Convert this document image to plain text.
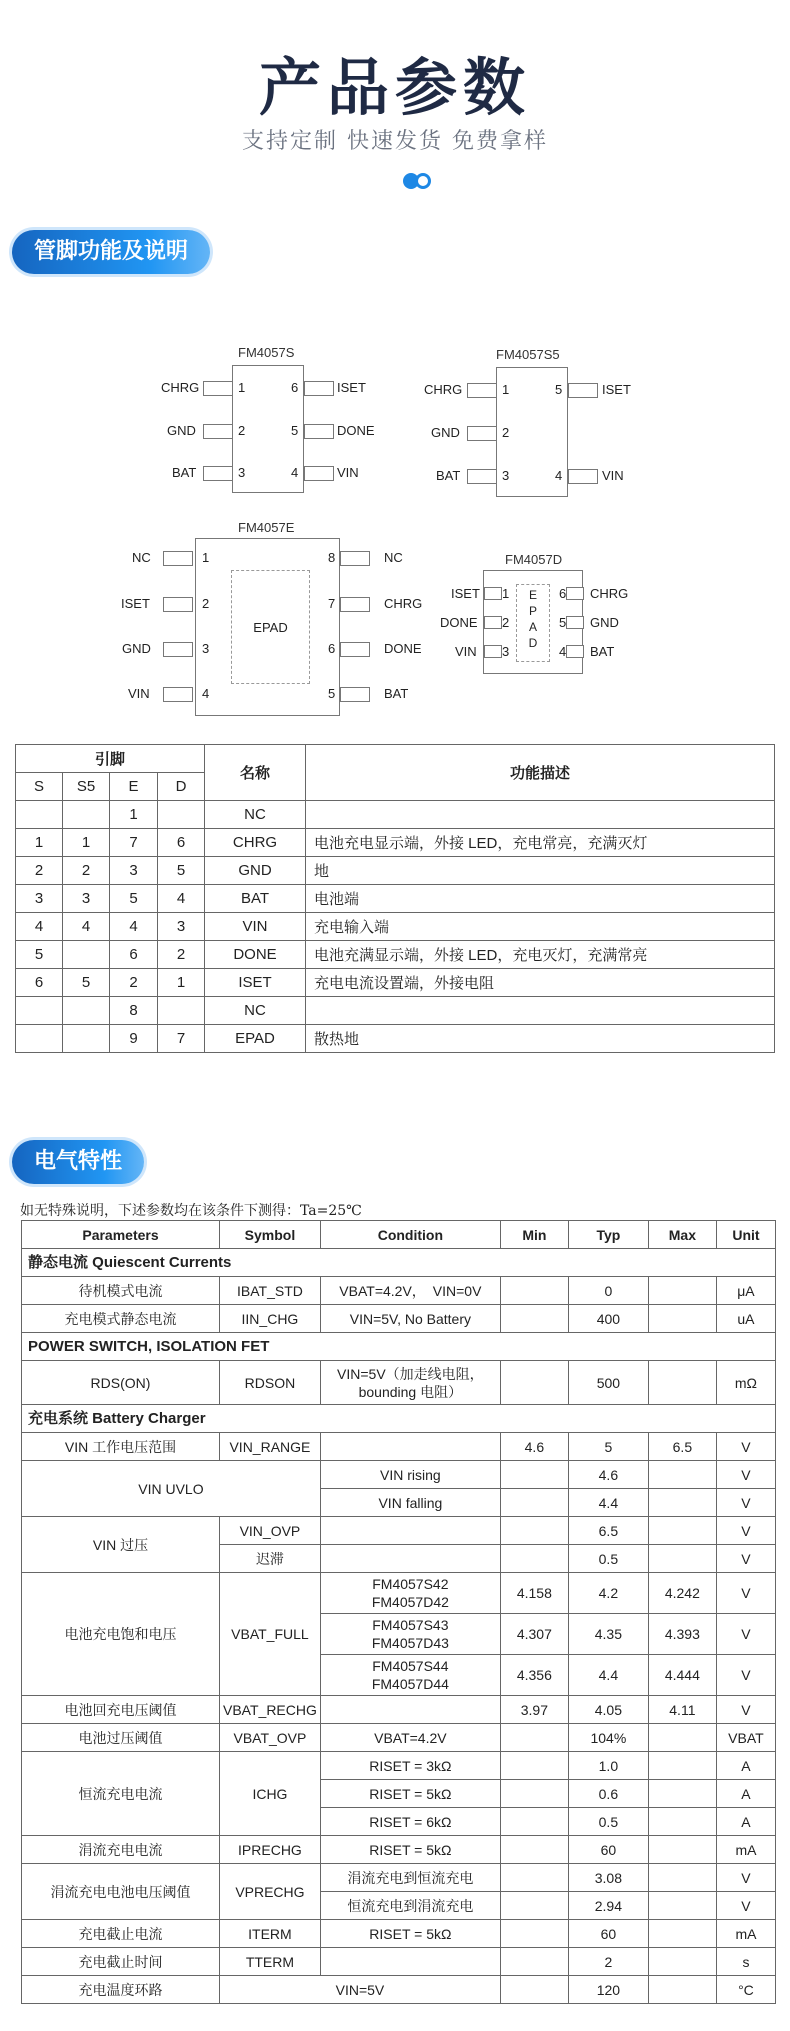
产品参数
支持定制 快速发货 免费拿样
管脚功能及说明
FM4057S
CHRG	1
GND	2
BAT	3
6	ISET
5	DONE
4	VIN
FM4057S5
CHRG	1
GND	2
BAT	3
5	ISET
4	VIN
FM4057E
EPAD
NC	1
ISET	2
GND	3
VIN	4
8	NC
7	CHRG
6	DONE
5	BAT
FM4057D
E P A D
ISET 1
DONE 2
VIN 3
6 CHRG
5 GND
4 BAT
引脚				名称	功能描述
S	S5	E	D		
		1		NC	
1	1	7	6	CHRG	电池充电显示端，外接 LED，充电常亮，充满灭灯
2	2	3	5	GND	地
3	3	5	4	BAT	电池端
4	4	4	3	VIN	充电输入端
5		6	2	DONE	电池充满显示端，外接 LED，充电灭灯，充满常亮
6	5	2	1	ISET	充电电流设置端，外接电阻
		8		NC	
		9	7	EPAD	散热地
电气特性
如无特殊说明，下述参数均在该条件下测得：Ta=25℃
Parameters	Symbol	Condition	Min	Typ	Max	Unit
静态电流 Quiescent Currents						
待机模式电流	IBAT_STD	VBAT=4.2V，　VIN=0V		0		μA
充电模式静态电流	IIN_CHG	VIN=5V, No Battery		400		uA
POWER SWITCH, ISOLATION FET						
RDS(ON)	RDSON	VIN=5V（加走线电阻，
bounding 电阻）		500		mΩ
充电系统 Battery Charger						
VIN 工作电压范围	VIN_RANGE		4.6	5	6.5	V
VIN UVLO		VIN rising		4.6		V
		VIN falling		4.4		V
VIN 过压	VIN_OVP			6.5		V
	迟滞			0.5		V
电池充电饱和电压	VBAT_FULL	FM4057S42
FM4057D42	4.158	4.2	4.242	V
		FM4057S43
FM4057D43	4.307	4.35	4.393	V
		FM4057S44
FM4057D44	4.356	4.4	4.444	V
电池回充电压阈值	VBAT_RECHG		3.97	4.05	4.11	V
电池过压阈值	VBAT_OVP	VBAT=4.2V		104%		VBAT
恒流充电电流	ICHG	RISET = 3kΩ		1.0		A
		RISET = 5kΩ		0.6		A
		RISET = 6kΩ		0.5		A
涓流充电电流	IPRECHG	RISET = 5kΩ		60		mA
涓流充电电池电压阈值	VPRECHG	涓流充电到恒流充电		3.08		V
		恒流充电到涓流充电		2.94		V
充电截止电流	ITERM	RISET = 5kΩ		60		mA
充电截止时间	TTERM			2		s
充电温度环路	VIN=5V			120		°C
